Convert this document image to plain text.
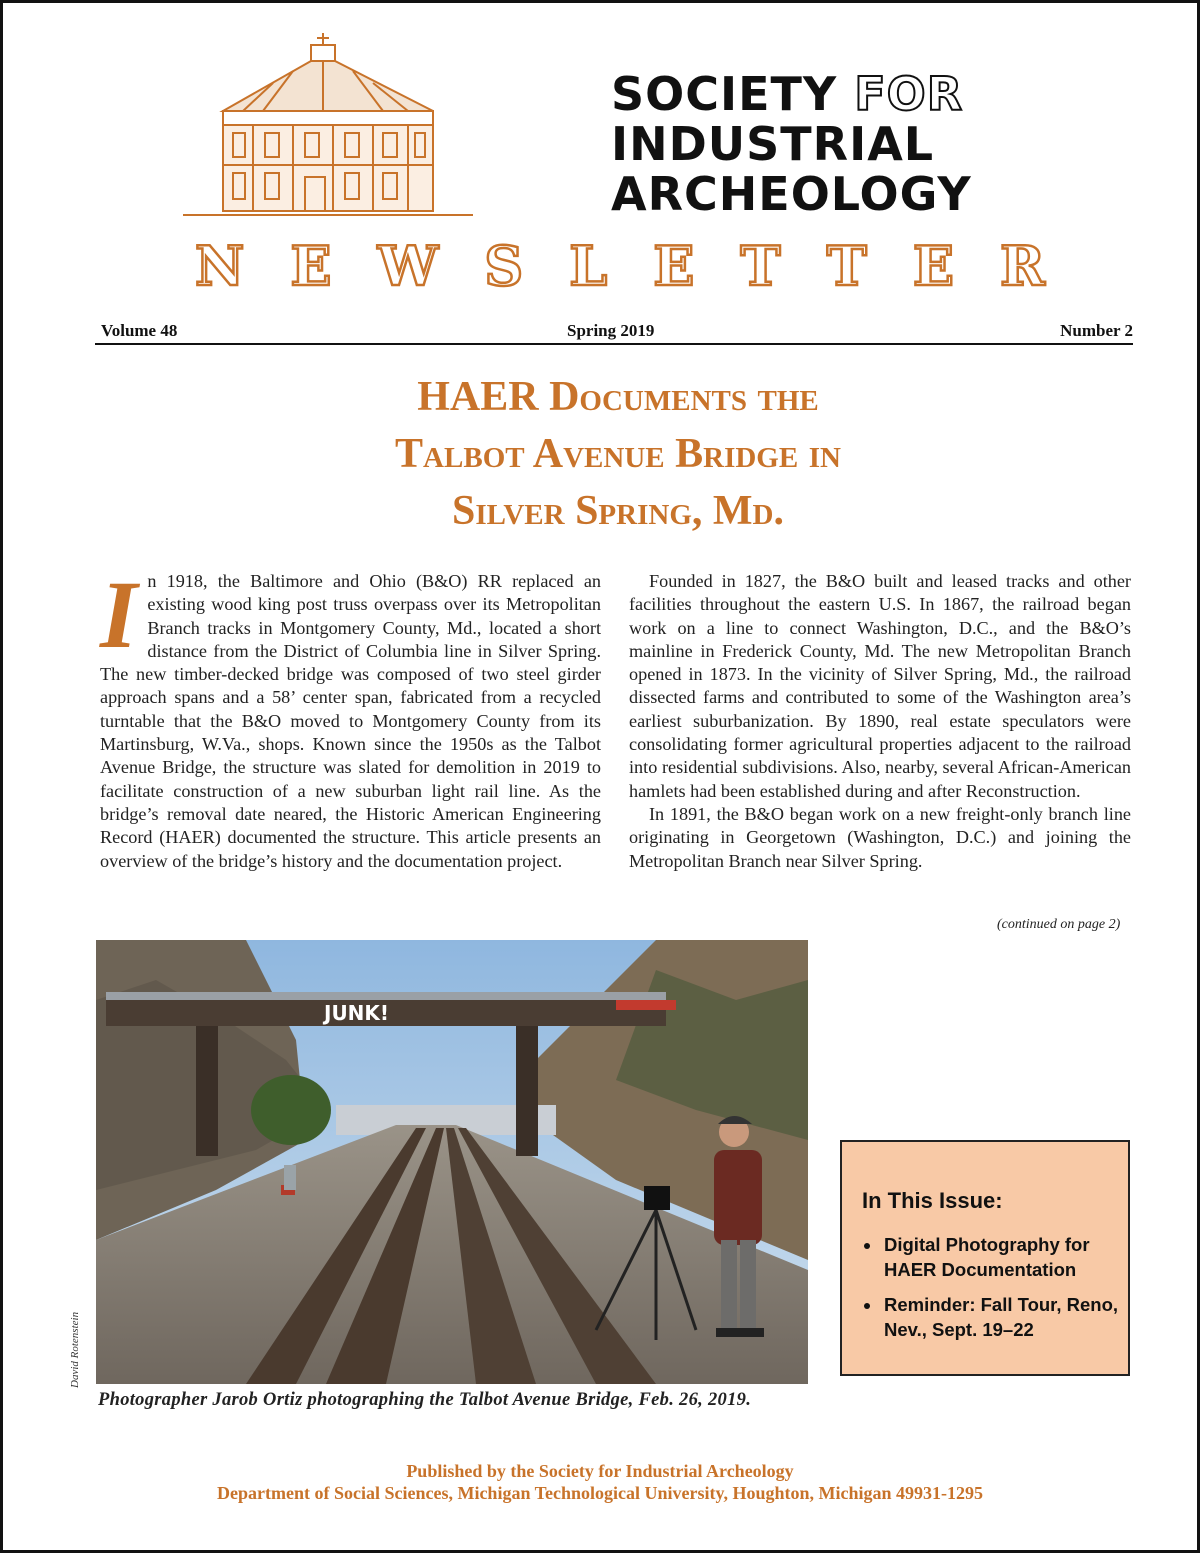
SOCIETY FOR
INDUSTRIAL
ARCHEOLOGY
N E W S L E T T E R
Volume 48	Spring 2019	Number 2
HAER Documents the
Talbot Avenue Bridge in
Silver Spring, Md.

In 1918, the Baltimore and Ohio (B&O) RR replaced an existing wood king post truss overpass over its Metropolitan Branch tracks in Montgomery County, Md., located a short distance from the District of Columbia line in Silver Spring. The new timber-decked bridge was composed of two steel girder approach spans and a 58’ center span, fabricated from a recycled turntable that the B&O moved to Montgomery County from its Martinsburg, W.Va., shops. Known since the 1950s as the Talbot Avenue Bridge, the structure was slated for demolition in 2019 to facilitate construction of a new suburban light rail line. As the bridge’s removal date neared, the Historic American Engineering Record (HAER) documented the structure. This article presents an overview of the bridge’s history and the documentation project.

Founded in 1827, the B&O built and leased tracks and other facilities throughout the eastern U.S. In 1867, the railroad began work on a line to connect Washington, D.C., and the B&O’s mainline in Frederick County, Md. The new Metropolitan Branch opened in 1873. In the vicinity of Silver Spring, Md., the railroad dissected farms and contributed to some of the Washington area’s earliest suburbanization. By 1890, real estate speculators were consolidating former agricultural properties adjacent to the railroad into residential subdivisions. Also, nearby, several African-American hamlets had been established during and after Reconstruction.

In 1891, the B&O began work on a new freight-only branch line originating in Georgetown (Washington, D.C.) and joining the Metropolitan Branch near Silver Spring.

(continued on page 2)
JUNK!
David Rotenstein
Photographer Jarob Ortiz photographing the Talbot Avenue Bridge, Feb. 26, 2019.
In This Issue:
• Digital Photography for HAER Documentation
• Reminder: Fall Tour, Reno, Nev., Sept. 19–22
Published by the Society for Industrial Archeology
Department of Social Sciences, Michigan Technological University, Houghton, Michigan 49931-1295
